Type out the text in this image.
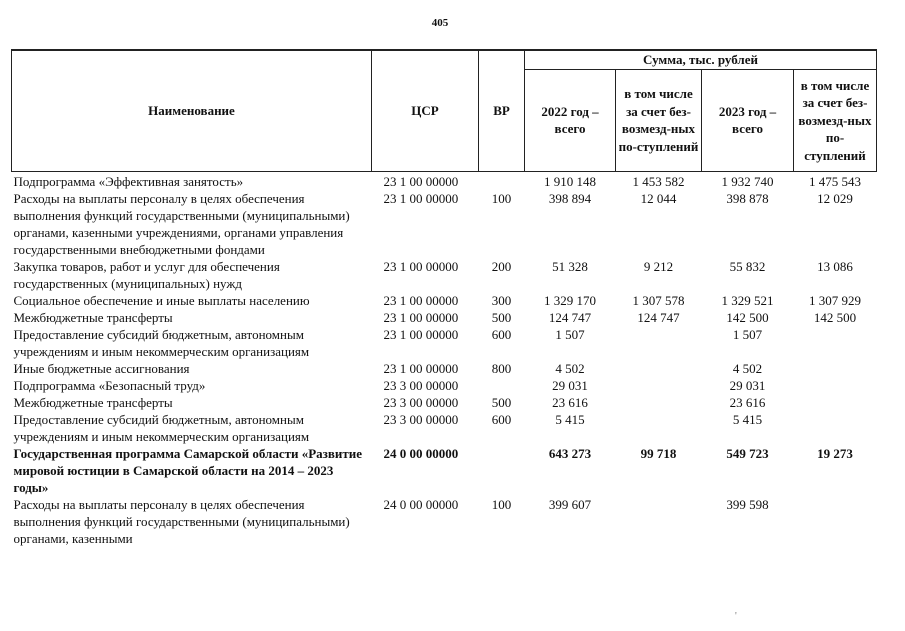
405
Наименование	ЦСР	ВР	Сумма, тыс. рублей			
			2022 год – всего	в том числе за счет без-возмезд-ных по-ступлений	2023 год – всего	в том числе за счет без-возмезд-ных по-ступлений
Подпрограмма «Эффективная занятость»	23 1 00 00000		1 910 148	1 453 582	1 932 740	1 475 543
Расходы на выплаты персоналу в целях обеспечения выполнения функций государственными (муниципальными) органами, казенными учреждениями, органами управления государственными внебюджетными фондами	23 1 00 00000	100	398 894	12 044	398 878	12 029
Закупка товаров, работ и услуг для обеспечения государственных (муниципальных) нужд	23 1 00 00000	200	51 328	9 212	55 832	13 086
Социальное обеспечение и иные выплаты населению	23 1 00 00000	300	1 329 170	1 307 578	1 329 521	1 307 929
Межбюджетные трансферты	23 1 00 00000	500	124 747	124 747	142 500	142 500
Предоставление субсидий бюджетным, автономным учреждениям и иным некоммерческим организациям	23 1 00 00000	600	1 507		1 507	
Иные бюджетные ассигнования	23 1 00 00000	800	4 502		4 502	
Подпрограмма «Безопасный труд»	23 3 00 00000		29 031		29 031	
Межбюджетные трансферты	23 3 00 00000	500	23 616		23 616	
Предоставление субсидий бюджетным, автономным учреждениям и иным некоммерческим организациям	23 3 00 00000	600	5 415		5 415	
Государственная программа Самарской области «Развитие мировой юстиции в Самарской области на 2014 – 2023 годы»	24 0 00 00000		643 273	99 718	549 723	19 273
Расходы на выплаты персоналу в целях обеспечения выполнения функций государственными (муниципальными) органами, казенными	24 0 00 00000	100	399 607		399 598	
'
